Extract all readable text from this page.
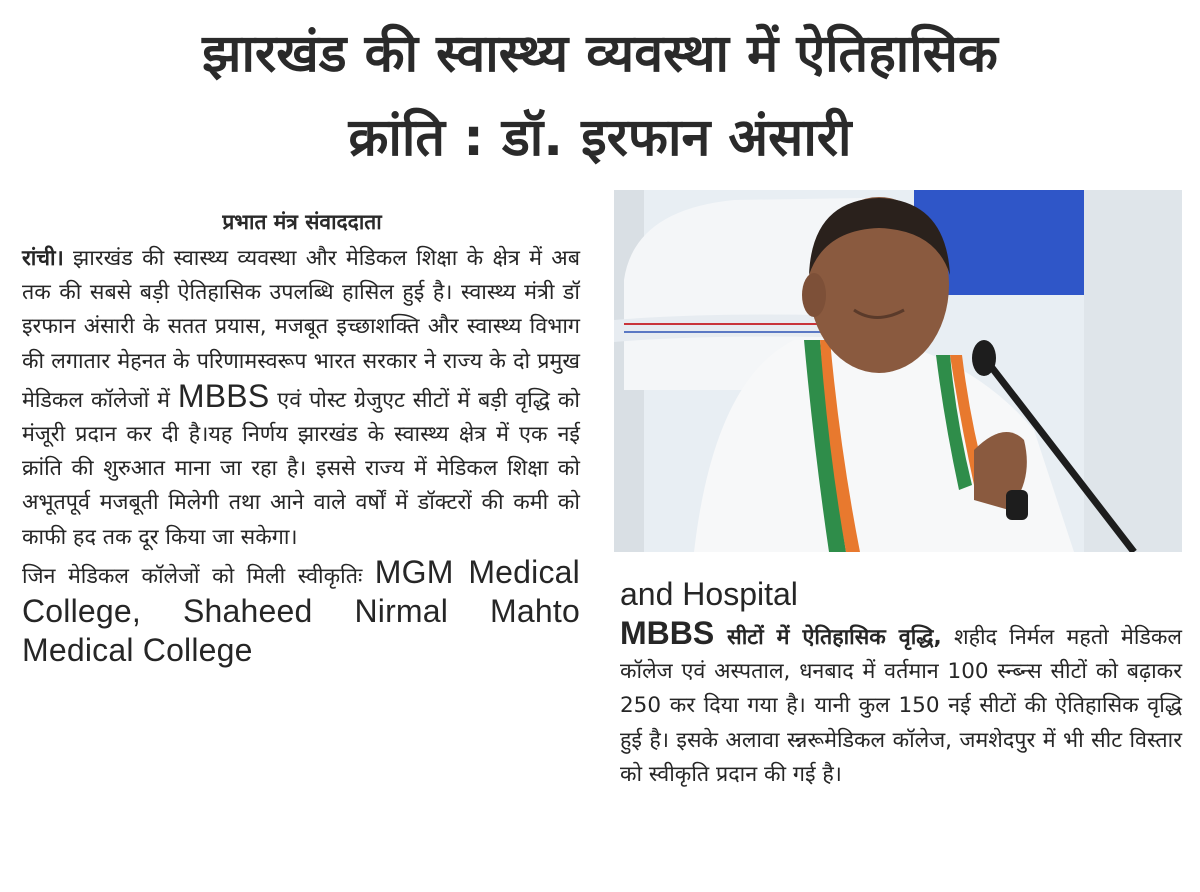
झारखंड की स्वास्थ्य व्यवस्था में ऐतिहासिक
क्रांति : डॉ. इरफान अंसारी
प्रभात मंत्र संवाददाता

रांची। झारखंड की स्वास्थ्य व्यवस्था और मेडिकल शिक्षा के क्षेत्र में अब तक की सबसे बड़ी ऐतिहासिक उपलब्धि हासिल हुई है। स्वास्थ्य मंत्री डॉ इरफान अंसारी के सतत प्रयास, मजबूत इच्छाशक्ति और स्वास्थ्य विभाग की लगातार मेहनत के परिणामस्वरूप भारत सरकार ने राज्य के दो प्रमुख मेडिकल कॉलेजों में MBBS एवं पोस्ट ग्रेजुएट सीटों में बड़ी वृद्धि को मंजूरी प्रदान कर दी है।यह निर्णय झारखंड के स्वास्थ्य क्षेत्र में एक नई क्रांति की शुरुआत माना जा रहा है। इससे राज्य में मेडिकल शिक्षा को अभूतपूर्व मजबूती मिलेगी तथा आने वाले वर्षों में डॉक्टरों की कमी को काफी हद तक दूर किया जा सकेगा।

जिन मेडिकल कॉलेजों को मिली स्वीकृतिः MGM Medical College, Shaheed Nirmal Mahto Medical College

and Hospital

MBBS सीटों में ऐतिहासिक वृद्धि, शहीद निर्मल महतो मेडिकल कॉलेज एवं अस्पताल, धनबाद में वर्तमान 100 स्न्ब्न्स सीटों को बढ़ाकर 250 कर दिया गया है। यानी कुल 150 नई सीटों की ऐतिहासिक वृद्धि हुई है। इसके अलावा स्न्नरूमेडिकल कॉलेज, जमशेदपुर में भी सीट विस्तार को स्वीकृति प्रदान की गई है।
